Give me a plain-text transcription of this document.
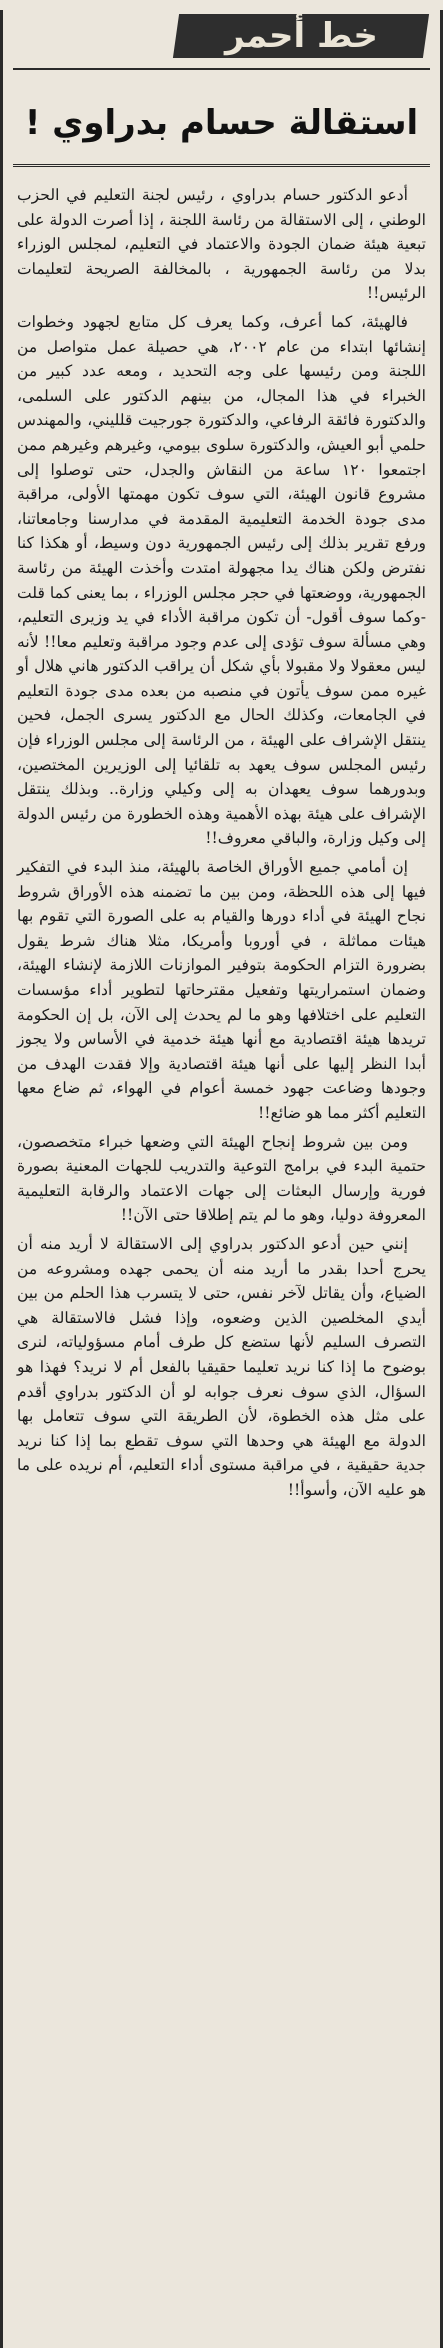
خط أحمر
استقالة حسام بدراوي !

أدعو الدكتور حسام بدراوي ، رئيس لجنة التعليم في الحزب الوطني ، إلى الاستقالة من رئاسة اللجنة ، إذا أصرت الدولة على تبعية هيئة ضمان الجودة والاعتماد في التعليم، لمجلس الوزراء بدلا من رئاسة الجمهورية ، بالمخالفة الصريحة لتعليمات الرئيس!!

فالهيئة، كما أعرف، وكما يعرف كل متابع لجهود وخطوات إنشائها ابتداء من عام ٢٠٠٢، هي حصيلة عمل متواصل من اللجنة ومن رئيسها على وجه التحديد ، ومعه عدد كبير من الخبراء في هذا المجال، من بينهم الدكتور على السلمى، والدكتورة فائقة الرفاعي، والدكتورة جورجيت قلليني، والمهندس حلمي أبو العيش، والدكتورة سلوى بيومي، وغيرهم وغيرهم ممن اجتمعوا ١٢٠ ساعة من النقاش والجدل، حتى توصلوا إلى مشروع قانون الهيئة، التي سوف تكون مهمتها الأولى، مراقبة مدى جودة الخدمة التعليمية المقدمة في مدارسنا وجامعاتنا، ورفع تقرير بذلك إلى رئيس الجمهورية دون وسيط، أو هكذا كنا نفترض ولكن هناك يدا مجهولة امتدت وأخذت الهيئة من رئاسة الجمهورية، ووضعتها في حجر مجلس الوزراء ، بما يعنى كما قلت -وكما سوف أقول- أن تكون مراقبة الأداء في يد وزيرى التعليم، وهي مسألة سوف تؤدى إلى عدم وجود مراقبة وتعليم معا!! لأنه ليس معقولا ولا مقبولا بأي شكل أن يراقب الدكتور هاني هلال أو غيره ممن سوف يأتون في منصبه من بعده مدى جودة التعليم في الجامعات، وكذلك الحال مع الدكتور يسرى الجمل، فحين ينتقل الإشراف على الهيئة ، من الرئاسة إلى مجلس الوزراء فإن رئيس المجلس سوف يعهد به تلقائيا إلى الوزيرين المختصين، وبدورهما سوف يعهدان به إلى وكيلي وزارة.. وبذلك ينتقل الإشراف على هيئة بهذه الأهمية وهذه الخطورة من رئيس الدولة إلى وكيل وزارة، والباقي معروف!!

إن أمامي جميع الأوراق الخاصة بالهيئة، منذ البدء في التفكير فيها إلى هذه اللحظة، ومن بين ما تضمنه هذه الأوراق شروط نجاح الهيئة في أداء دورها والقيام به على الصورة التي تقوم بها هيئات مماثلة ، في أوروبا وأمريكا، مثلا هناك شرط يقول بضرورة التزام الحكومة بتوفير الموازنات اللازمة لإنشاء الهيئة، وضمان استمراريتها وتفعيل مقترحاتها لتطوير أداء مؤسسات التعليم على اختلافها وهو ما لم يحدث إلى الآن، بل إن الحكومة تريدها هيئة اقتصادية مع أنها هيئة خدمية في الأساس ولا يجوز أبدا النظر إليها على أنها هيئة اقتصادية وإلا فقدت الهدف من وجودها وضاعت جهود خمسة أعوام في الهواء، ثم ضاع معها التعليم أكثر مما هو ضائع!!

ومن بين شروط إنجاح الهيئة التي وضعها خبراء متخصصون، حتمية البدء في برامج التوعية والتدريب للجهات المعنية بصورة فورية وإرسال البعثات إلى جهات الاعتماد والرقابة التعليمية المعروفة دوليا، وهو ما لم يتم إطلاقا حتى الآن!!

إنني حين أدعو الدكتور بدراوي إلى الاستقالة لا أريد منه أن يحرج أحدا بقدر ما أريد منه أن يحمى جهده ومشروعه من الضياع، وأن يقاتل لآخر نفس، حتى لا يتسرب هذا الحلم من بين أيدي المخلصين الذين وضعوه، وإذا فشل فالاستقالة هي التصرف السليم لأنها ستضع كل طرف أمام مسؤولياته، لنرى بوضوح ما إذا كنا نريد تعليما حقيقيا بالفعل أم لا نريد؟ فهذا هو السؤال، الذي سوف نعرف جوابه لو أن الدكتور بدراوي أقدم على مثل هذه الخطوة، لأن الطريقة التي سوف تتعامل بها الدولة مع الهيئة هي وحدها التي سوف تقطع بما إذا كنا نريد جدية حقيقية ، في مراقبة مستوى أداء التعليم، أم نريده على ما هو عليه الآن، وأسوأ!!
